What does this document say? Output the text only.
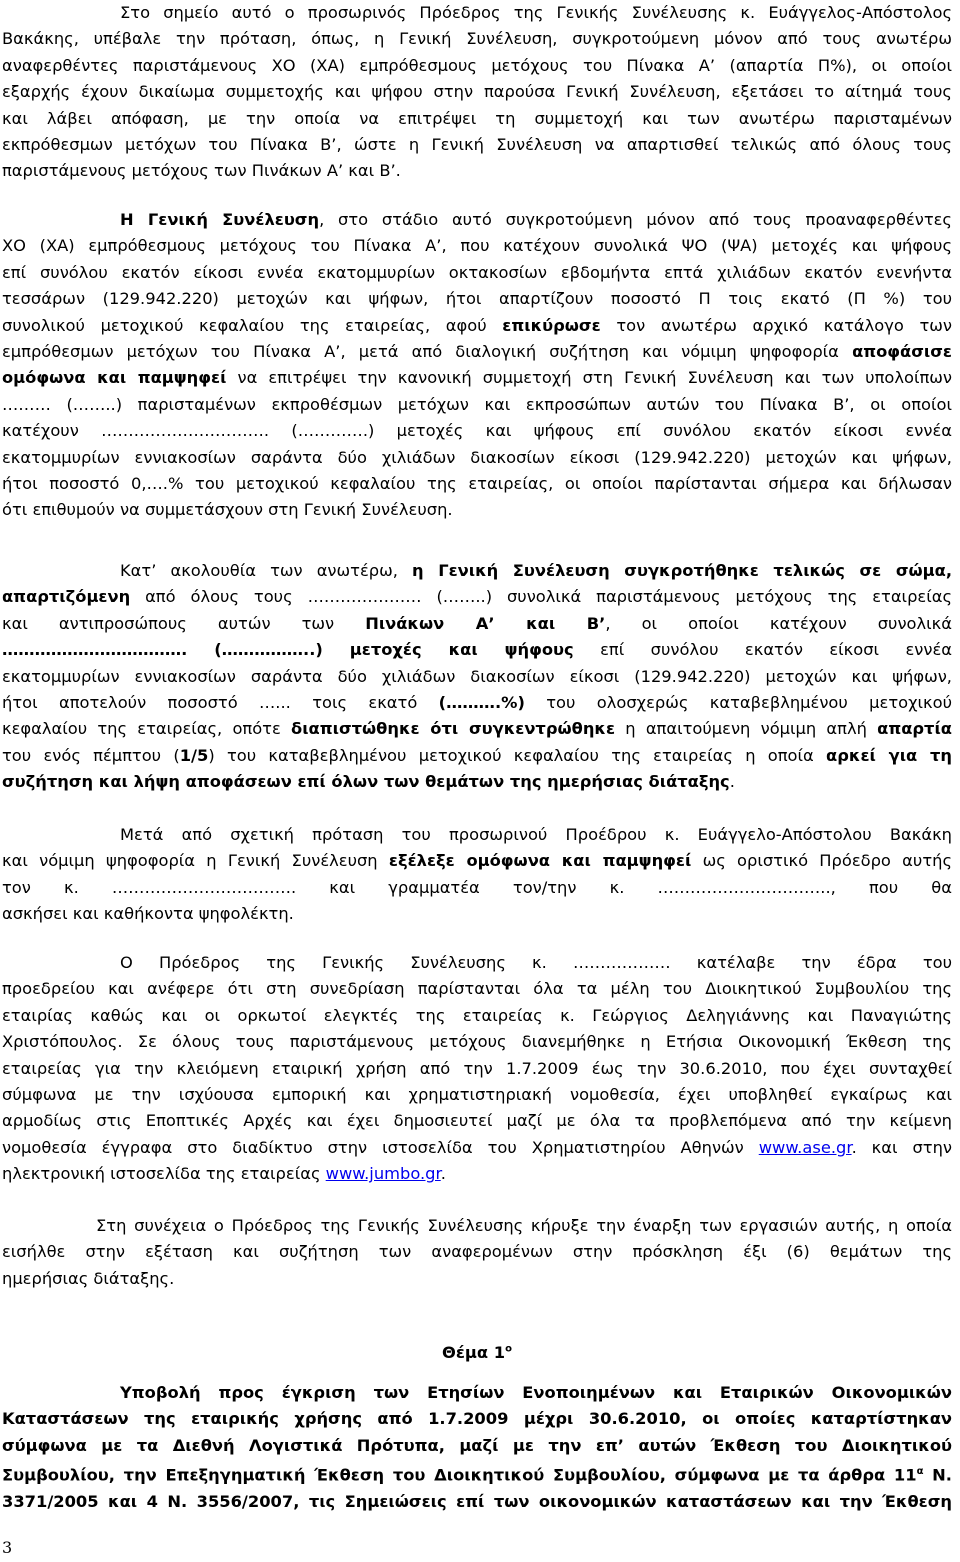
Στο σημείο αυτό ο προσωρινός Πρόεδρος της Γενικής Συνέλευσης κ. Ευάγγελος-Απόστολος
Βακάκης, υπέβαλε την πρόταση, όπως, η Γενική Συνέλευση, συγκροτούμενη μόνον από τους ανωτέρω
αναφερθέντες παριστάμενους ΧΟ (ΧΑ) εμπρόθεσμους μετόχους του Πίνακα Α’ (απαρτία Π%), οι οποίοι
εξαρχής έχουν δικαίωμα συμμετοχής και ψήφου στην παρούσα Γενική Συνέλευση, εξετάσει το αίτημά τους
και λάβει απόφαση, με την οποία να επιτρέψει τη συμμετοχή και των ανωτέρω παρισταμένων
εκπρόθεσμων μετόχων του Πίνακα Β’, ώστε η Γενική Συνέλευση να απαρτισθεί τελικώς από όλους τους
παριστάμενους μετόχους των Πινάκων Α’ και Β’.
Η Γενική Συνέλευση, στο στάδιο αυτό συγκροτούμενη μόνον από τους προαναφερθέντες
ΧΟ (ΧΑ) εμπρόθεσμους μετόχους του Πίνακα Α’, που κατέχουν συνολικά ΨΟ (ΨΑ) μετοχές και ψήφους
επί συνόλου εκατόν είκοσι εννέα εκατομμυρίων οκτακοσίων εβδομήντα επτά χιλιάδων εκατόν ενενήντα
τεσσάρων (129.942.220) μετοχών και ψήφων, ήτοι απαρτίζουν ποσοστό Π τοις εκατό (Π %) του
συνολικού μετοχικού κεφαλαίου της εταιρείας, αφού επικύρωσε τον ανωτέρω αρχικό κατάλογο των
εμπρόθεσμων μετόχων του Πίνακα Α’, μετά από διαλογική συζήτηση και νόμιμη ψηφοφορία αποφάσισε
ομόφωνα και παμψηφεί να επιτρέψει την κανονική συμμετοχή στη Γενική Συνέλευση και των υπολοίπων
……… (……..) παρισταμένων εκπροθέσμων μετόχων και εκπροσώπων αυτών του Πίνακα Β’, οι οποίοι
κατέχουν …………………………. (………….) μετοχές και ψήφους επί συνόλου εκατόν είκοσι εννέα
εκατομμυρίων εννιακοσίων σαράντα δύο χιλιάδων διακοσίων είκοσι (129.942.220) μετοχών και ψήφων,
ήτοι ποσοστό 0,….% του μετοχικού κεφαλαίου της εταιρείας, οι οποίοι παρίστανται σήμερα και δήλωσαν
ότι επιθυμούν να συμμετάσχουν στη Γενική Συνέλευση.
Κατ’ ακολουθία των ανωτέρω, η Γενική Συνέλευση συγκροτήθηκε τελικώς σε σώμα,
απαρτιζόμενη από όλους τους ………………… (……..) συνολικά παριστάμενους μετόχους της εταιρείας
και αντιπροσώπους αυτών των Πινάκων Α’ και Β’, οι οποίοι κατέχουν συνολικά
……………………………. (……………..) μετοχές και ψήφους επί συνόλου εκατόν είκοσι εννέα
εκατομμυρίων εννιακοσίων σαράντα δύο χιλιάδων διακοσίων είκοσι (129.942.220) μετοχών και ψήφων,
ήτοι αποτελούν ποσοστό …... τοις εκατό (……….%) του ολοσχερώς καταβεβλημένου μετοχικού
κεφαλαίου της εταιρείας, οπότε διαπιστώθηκε ότι συγκεντρώθηκε η απαιτούμενη νόμιμη απλή απαρτία
του ενός πέμπτου (1/5) του καταβεβλημένου μετοχικού κεφαλαίου της εταιρείας η οποία αρκεί για τη
συζήτηση και λήψη αποφάσεων επί όλων των θεμάτων της ημερήσιας διάταξης.
Μετά από σχετική πρόταση του προσωρινού Προέδρου κ. Ευάγγελο-Απόστολου Βακάκη
και νόμιμη ψηφοφορία η Γενική Συνέλευση εξέλεξε ομόφωνα και παμψηφεί ως οριστικό Πρόεδρο αυτής
τον κ. ……………………………. και γραμματέα τον/την κ. ………………………….., που θα
ασκήσει και καθήκοντα ψηφολέκτη.
Ο Πρόεδρος της Γενικής Συνέλευσης κ. ……………… κατέλαβε την έδρα του
προεδρείου και ανέφερε ότι στη συνεδρίαση παρίστανται όλα τα μέλη του Διοικητικού Συμβουλίου της
εταιρίας καθώς και οι ορκωτοί ελεγκτές της εταιρείας κ. Γεώργιος Δεληγιάννης και Παναγιώτης
Χριστόπουλος. Σε όλους τους παριστάμενους μετόχους διανεμήθηκε η Ετήσια Οικονομική Έκθεση της
εταιρείας για την κλειόμενη εταιρική χρήση από την 1.7.2009 έως την 30.6.2010, που έχει συνταχθεί
σύμφωνα με την ισχύουσα εμπορική και χρηματιστηριακή νομοθεσία, έχει υποβληθεί εγκαίρως και
αρμοδίως στις Εποπτικές Αρχές και έχει δημοσιευτεί μαζί με όλα τα προβλεπόμενα από την κείμενη
νομοθεσία έγγραφα στο διαδίκτυο στην ιστοσελίδα του Χρηματιστηρίου Αθηνών www.ase.gr. και στην
ηλεκτρονική ιστοσελίδα της εταιρείας www.jumbo.gr.
Στη συνέχεια ο Πρόεδρος της Γενικής Συνέλευσης κήρυξε την έναρξη των εργασιών αυτής, η οποία
εισήλθε στην εξέταση και συζήτηση των αναφερομένων στην πρόσκληση έξι (6) θεμάτων της
ημερήσιας διάταξης.
Θέμα $1^o$
Υποβολή προς έγκριση των Ετησίων Ενοποιημένων και Εταιρικών Οικονομικών
Καταστάσεων της εταιρικής χρήσης από 1.7.2009 μέχρι 30.6.2010, οι οποίες καταρτίστηκαν
σύμφωνα με τα Διεθνή Λογιστικά Πρότυπα, μαζί με την επ’ αυτών Έκθεση του Διοικητικού
Συμβουλίου, την Επεξηγηματική Έκθεση του Διοικητικού Συμβουλίου, σύμφωνα με τα άρθρα $11^\alpha$ Ν.
3371/2005 και 4 Ν. 3556/2007, τις Σημειώσεις επί των οικονομικών καταστάσεων και την Έκθεση
3
